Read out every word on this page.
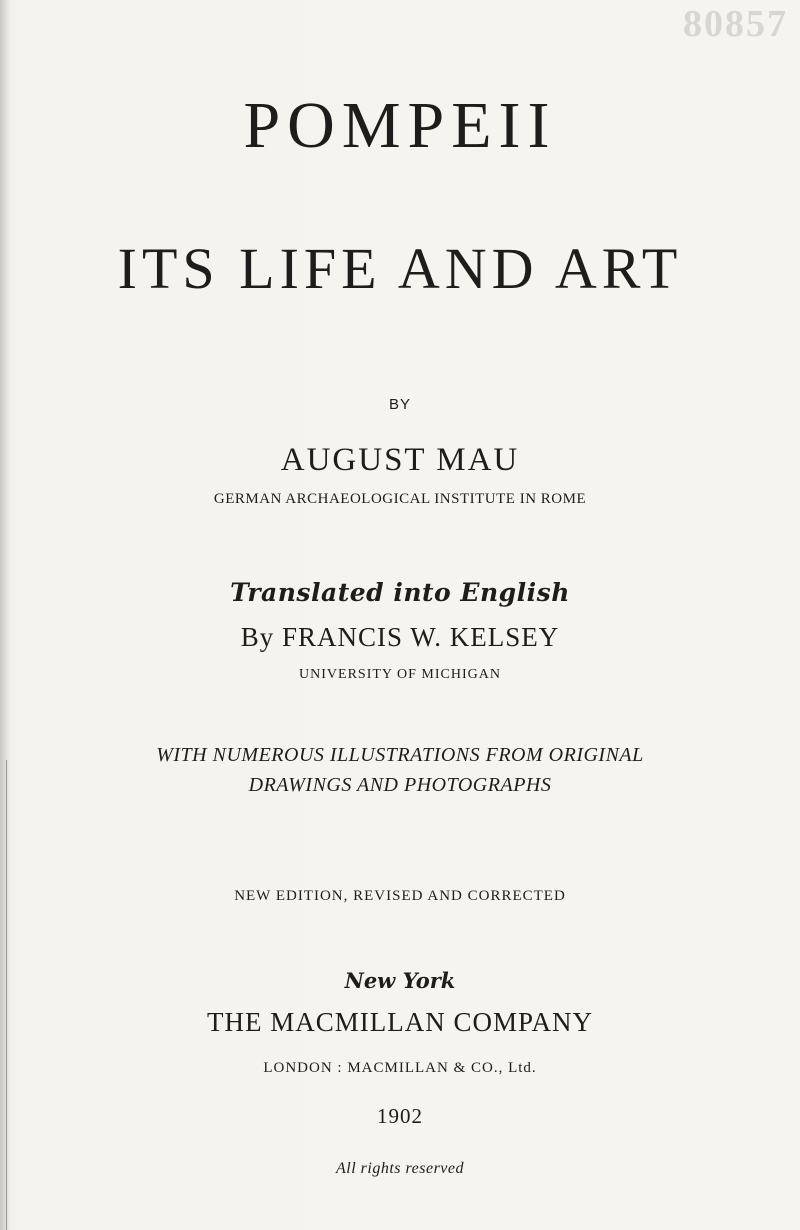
80857
POMPEII
ITS LIFE AND ART
BY
AUGUST MAU
GERMAN ARCHAEOLOGICAL INSTITUTE IN ROME
Translated into English
By FRANCIS W. KELSEY
UNIVERSITY OF MICHIGAN
WITH NUMEROUS ILLUSTRATIONS FROM ORIGINAL
DRAWINGS AND PHOTOGRAPHS
NEW EDITION, REVISED AND CORRECTED
New York
THE MACMILLAN COMPANY
LONDON : MACMILLAN & CO., Ltd.
1902
All rights reserved
